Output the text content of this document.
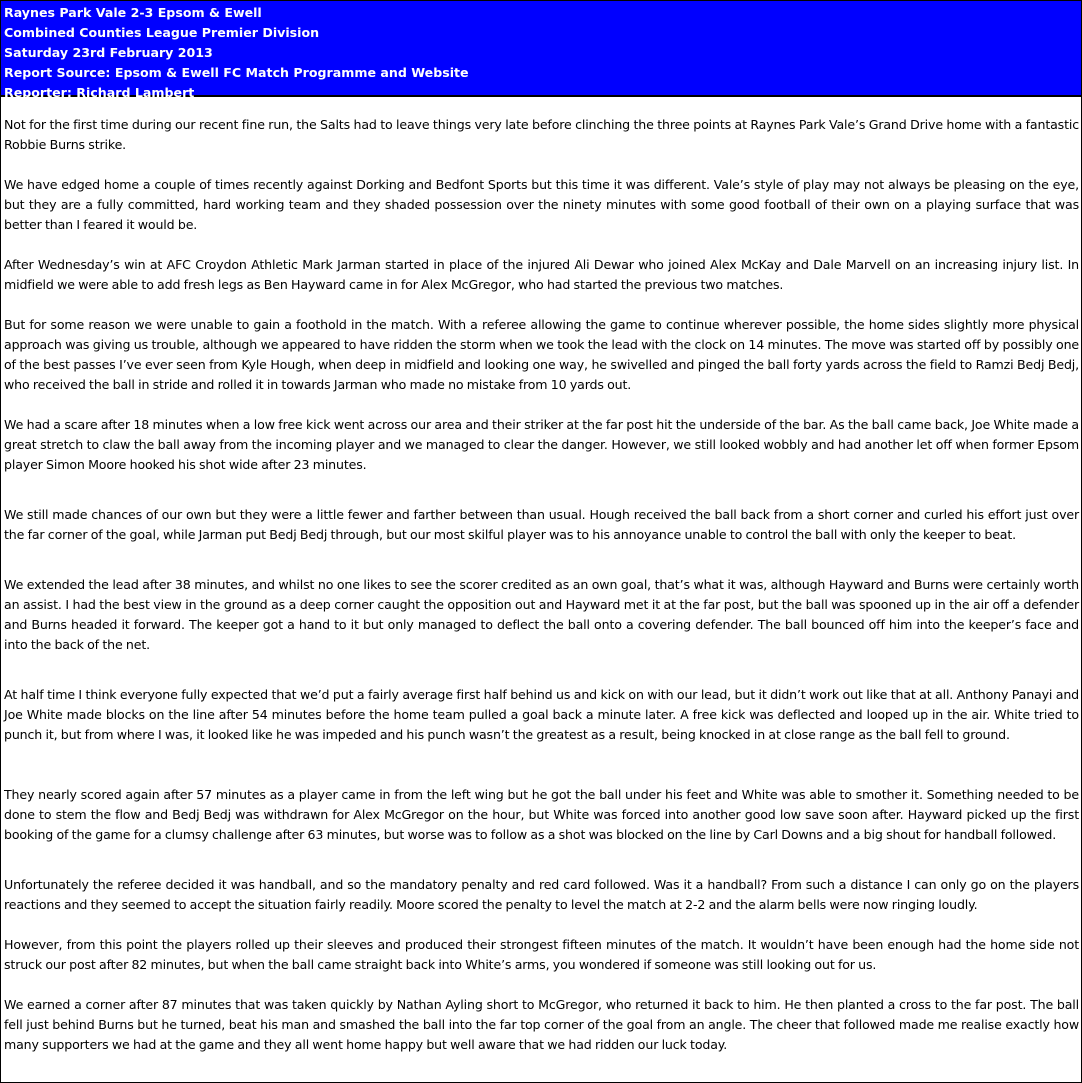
Raynes Park Vale 2-3 Epsom & Ewell
Combined Counties League Premier Division
Saturday 23rd February 2013
Report Source: Epsom & Ewell FC Match Programme and Website
Reporter: Richard Lambert

Not for the first time during our recent fine run, the Salts had to leave things very late before clinching the three points at Raynes Park Vale’s Grand Drive home with a fantastic Robbie Burns strike.

We have edged home a couple of times recently against Dorking and Bedfont Sports but this time it was different. Vale’s style of play may not always be pleasing on the eye, but they are a fully committed, hard working team and they shaded possession over the ninety minutes with some good football of their own on a playing surface that was better than I feared it would be.

After Wednesday’s win at AFC Croydon Athletic Mark Jarman started in place of the injured Ali Dewar who joined Alex McKay and Dale Marvell on an increasing injury list. In midfield we were able to add fresh legs as Ben Hayward came in for Alex McGregor, who had started the previous two matches.

But for some reason we were unable to gain a foothold in the match. With a referee allowing the game to continue wherever possible, the home sides slightly more physical approach was giving us trouble, although we appeared to have ridden the storm when we took the lead with the clock on 14 minutes. The move was started off by possibly one of the best passes I’ve ever seen from Kyle Hough, when deep in midfield and looking one way, he swivelled and pinged the ball forty yards across the field to Ramzi Bedj Bedj, who received the ball in stride and rolled it in towards Jarman who made no mistake from 10 yards out.

We had a scare after 18 minutes when a low free kick went across our area and their striker at the far post hit the underside of the bar. As the ball came back, Joe White made a great stretch to claw the ball away from the incoming player and we managed to clear the danger. However, we still looked wobbly and had another let off when former Epsom player Simon Moore hooked his shot wide after 23 minutes.

We still made chances of our own but they were a little fewer and farther between than usual. Hough received the ball back from a short corner and curled his effort just over the far corner of the goal, while Jarman put Bedj Bedj through, but our most skilful player was to his annoyance unable to control the ball with only the keeper to beat.

We extended the lead after 38 minutes, and whilst no one likes to see the scorer credited as an own goal, that’s what it was, although Hayward and Burns were certainly worth an assist. I had the best view in the ground as a deep corner caught the opposition out and Hayward met it at the far post, but the ball was spooned up in the air off a defender and Burns headed it forward. The keeper got a hand to it but only managed to deflect the ball onto a covering defender. The ball bounced off him into the keeper’s face and into the back of the net.

At half time I think everyone fully expected that we’d put a fairly average first half behind us and kick on with our lead, but it didn’t work out like that at all. Anthony Panayi and Joe White made blocks on the line after 54 minutes before the home team pulled a goal back a minute later. A free kick was deflected and looped up in the air. White tried to punch it, but from where I was, it looked like he was impeded and his punch wasn’t the greatest as a result, being knocked in at close range as the ball fell to ground.

They nearly scored again after 57 minutes as a player came in from the left wing but he got the ball under his feet and White was able to smother it. Something needed to be done to stem the flow and Bedj Bedj was withdrawn for Alex McGregor on the hour, but White was forced into another good low save soon after. Hayward picked up the first booking of the game for a clumsy challenge after 63 minutes, but worse was to follow as a shot was blocked on the line by Carl Downs and a big shout for handball followed.

Unfortunately the referee decided it was handball, and so the mandatory penalty and red card followed. Was it a handball? From such a distance I can only go on the players reactions and they seemed to accept the situation fairly readily. Moore scored the penalty to level the match at 2-2 and the alarm bells were now ringing loudly.

However, from this point the players rolled up their sleeves and produced their strongest fifteen minutes of the match. It wouldn’t have been enough had the home side not struck our post after 82 minutes, but when the ball came straight back into White’s arms, you wondered if someone was still looking out for us.

We earned a corner after 87 minutes that was taken quickly by Nathan Ayling short to McGregor, who returned it back to him. He then planted a cross to the far post. The ball fell just behind Burns but he turned, beat his man and smashed the ball into the far top corner of the goal from an angle. The cheer that followed made me realise exactly how many supporters we had at the game and they all went home happy but well aware that we had ridden our luck today.
